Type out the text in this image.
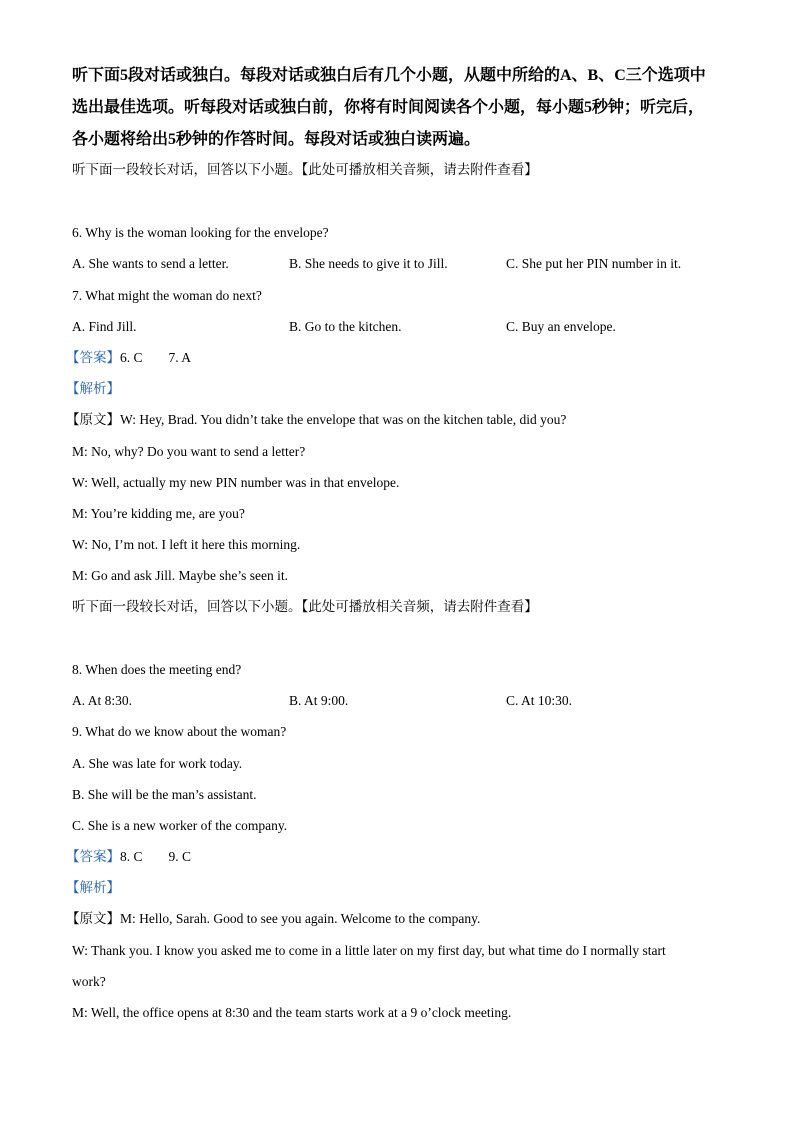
听下面5段对话或独白。每段对话或独白后有几个小题，从题中所给的A、B、C三个选项中
选出最佳选项。听每段对话或独白前，你将有时间阅读各个小题，每小题5秒钟；听完后，
各小题将给出5秒钟的作答时间。每段对话或独白读两遍。
听下面一段较长对话，回答以下小题。【此处可播放相关音频，请去附件查看】
6. Why is the woman looking for the envelope?
A. She wants to send a letter.	B. She needs to give it to Jill.	C. She put her PIN number in it.
7. What might the woman do next?
A. Find Jill.	B. Go to the kitchen.	C. Buy an envelope.
【答案】6. C 7. A
【解析】
【原文】W: Hey, Brad. You didn’t take the envelope that was on the kitchen table, did you?
M: No, why? Do you want to send a letter?
W: Well, actually my new PIN number was in that envelope.
M: You’re kidding me, are you?
W: No, I’m not. I left it here this morning.
M: Go and ask Jill. Maybe she’s seen it.
听下面一段较长对话，回答以下小题。【此处可播放相关音频，请去附件查看】
8. When does the meeting end?
A. At 8:30.	B. At 9:00.	C. At 10:30.
9. What do we know about the woman?
A. She was late for work today.
B. She will be the man’s assistant.
C. She is a new worker of the company.
【答案】8. C 9. C
【解析】
【原文】M: Hello, Sarah. Good to see you again. Welcome to the company.
W: Thank you. I know you asked me to come in a little later on my first day, but what time do I normally start
work?
M: Well, the office opens at 8:30 and the team starts work at a 9 o’clock meeting.
